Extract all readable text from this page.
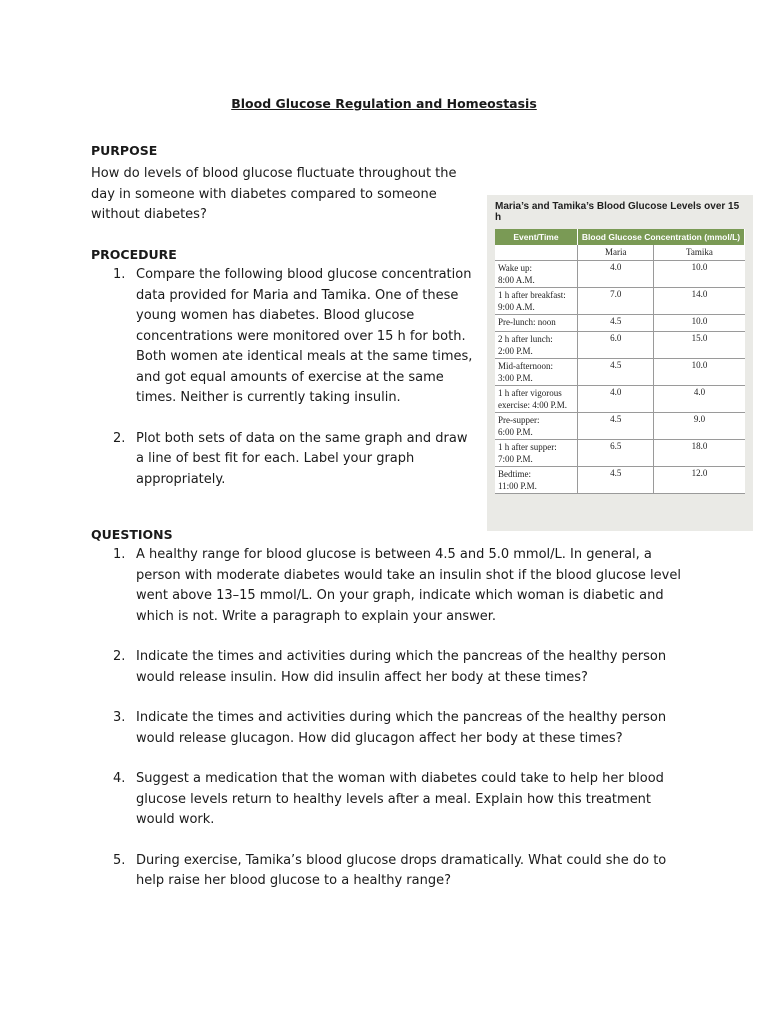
Blood Glucose Regulation and Homeostasis
PURPOSE
How do levels of blood glucose fluctuate throughout the day in someone with diabetes compared to someone without diabetes?
PROCEDURE
1. Compare the following blood glucose concentration data provided for Maria and Tamika. One of these young women has diabetes. Blood glucose concentrations were monitored over 15 h for both. Both women ate identical meals at the same times, and got equal amounts of exercise at the same times. Neither is currently taking insulin.
2. Plot both sets of data on the same graph and draw a line of best fit for each. Label your graph appropriately.
QUESTIONS
1. A healthy range for blood glucose is between 4.5 and 5.0 mmol/L. In general, a person with moderate diabetes would take an insulin shot if the blood glucose level went above 13–15 mmol/L. On your graph, indicate which woman is diabetic and which is not. Write a paragraph to explain your answer.
2. Indicate the times and activities during which the pancreas of the healthy person would release insulin. How did insulin affect her body at these times?
3. Indicate the times and activities during which the pancreas of the healthy person would release glucagon. How did glucagon affect her body at these times?
4. Suggest a medication that the woman with diabetes could take to help her blood glucose levels return to healthy levels after a meal. Explain how this treatment would work.
5. During exercise, Tamika’s blood glucose drops dramatically. What could she do to help raise her blood glucose to a healthy range?
Maria’s and Tamika’s Blood Glucose Levels over 15 h
Event/Time	Blood Glucose Concentration (mmol/L)	
	Maria	Tamika
Wake up:
8:00 A.M.	4.0	10.0
1 h after breakfast:
9:00 A.M.	7.0	14.0
Pre-lunch: noon	4.5	10.0
2 h after lunch:
2:00 P.M.	6.0	15.0
Mid-afternoon:
3:00 P.M.	4.5	10.0
1 h after vigorous
exercise: 4:00 P.M.	4.0	4.0
Pre-supper:
6:00 P.M.	4.5	9.0
1 h after supper:
7:00 P.M.	6.5	18.0
Bedtime:
11:00 P.M.	4.5	12.0
